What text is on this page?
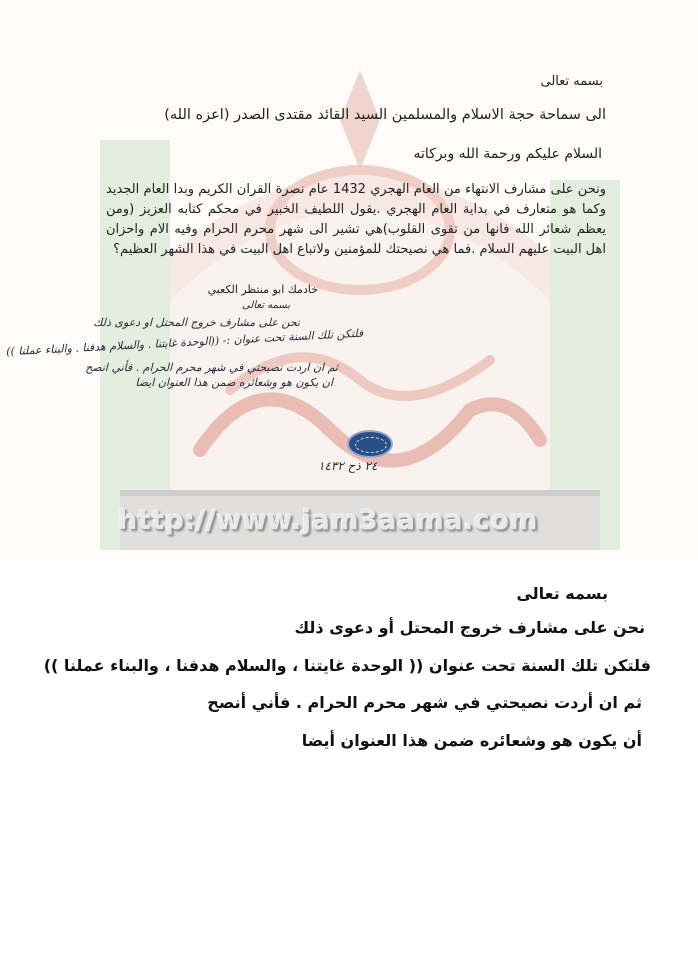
http://www.jam3aama.com
بسمه تعالى
الى سماحة حجة الاسلام والمسلمين السيد القائد مقتدى الصدر (اعزه الله)
السلام عليكم ورحمة الله وبركاته
ونحن على مشارف الانتهاء من العام الهجري 1432 عام نصرة القران الكريم وبدا العام الجديد وكما هو متعارف في بداية العام الهجري .يقول اللطيف الخبير في محكم كتابه العزيز (ومن يعظم شعائر الله فانها من تقوى القلوب)هي تشير الى شهر محرم الحرام وفيه الام واحزان اهل البيت عليهم السلام .فما هي نصيحتك للمؤمنين ولاتباع اهل البيت في هذا الشهر العظيم؟
خادمك ابو منتظر الكعبي
بسمه تعالى
نحن على مشارف خروج المحتل او دعوى ذلك
فلتكن تلك السنة تحت عنوان :- ((الوحدة غايتنا . والسلام هدفنا . والبناء عملنا ))
ثم ان اردت نصيحتي في شهر محرم الحرام . فأني انصح
ان يكون هو وشعائره ضمن هذا العنوان ايضا
٢٤ ذح ١٤٣٢
بسمه تعالى
نحن على مشارف خروج المحتل أو دعوى ذلك
فلتكن تلك السنة تحت عنوان (( الوحدة غايتنا ، والسلام هدفنا ، والبناء عملنا ))
ثم ان أردت نصيحتي في شهر محرم الحرام . فأني أنصح
أن يكون هو وشعائره ضمن هذا العنوان أيضا
